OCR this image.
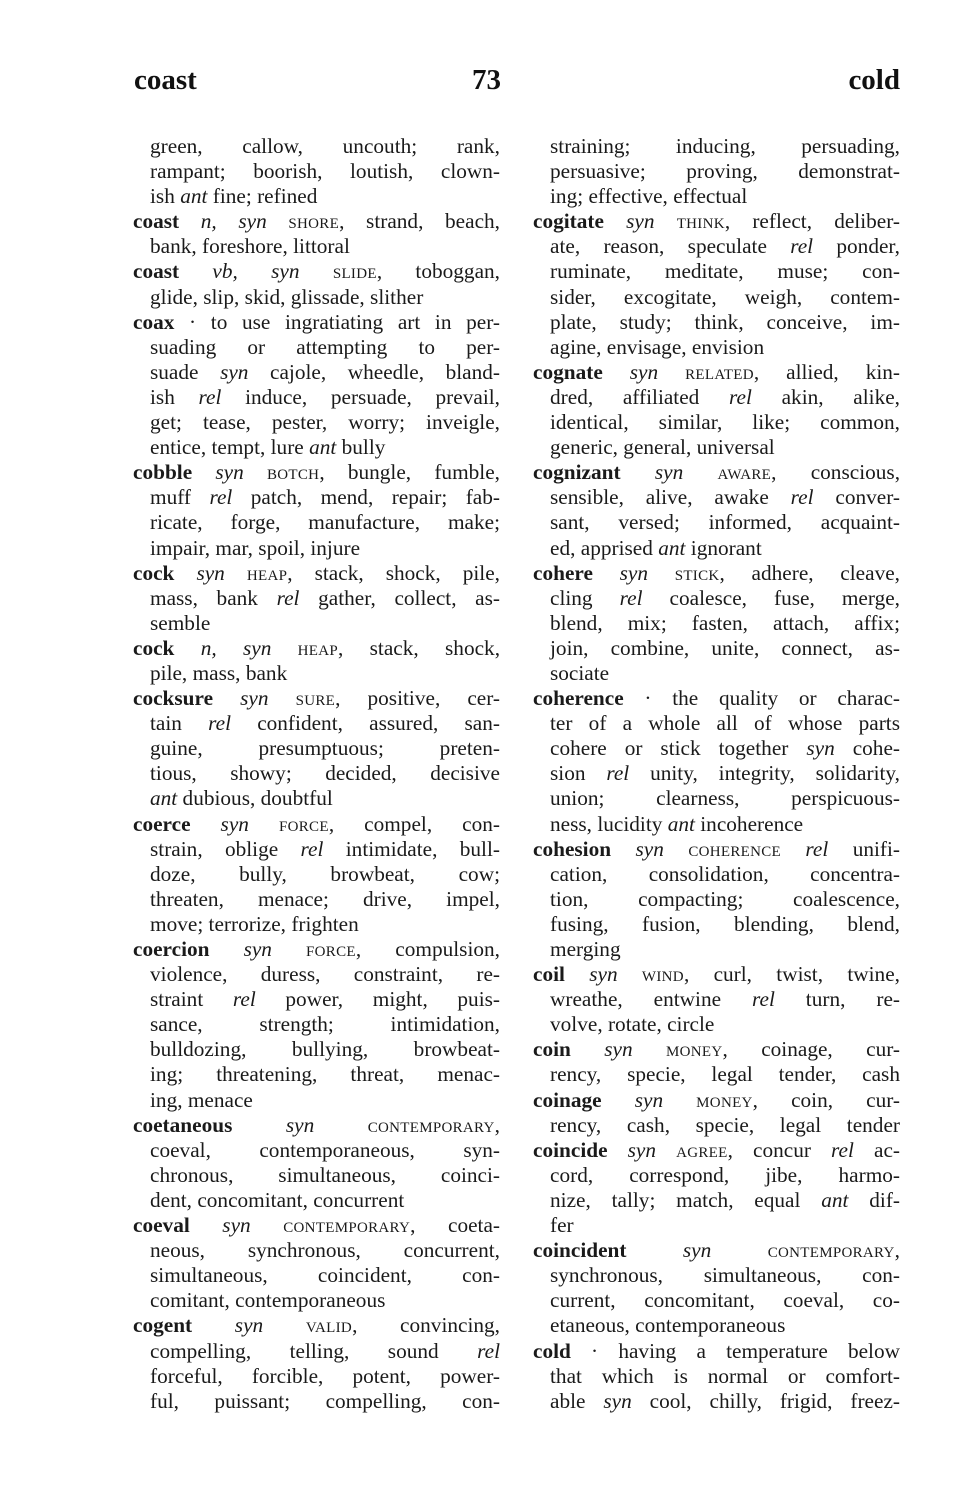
coast	73	cold
green, callow, uncouth; rank,
rampant; boorish, loutish, clown-
ish ant fine; refined
coast n, syn shore, strand, beach,
bank, foreshore, littoral
coast vb, syn slide, toboggan,
glide, slip, skid, glissade, slither
coax · to use ingratiating art in per-
suading or attempting to per-
suade syn cajole, wheedle, bland-
ish rel induce, persuade, prevail,
get; tease, pester, worry; inveigle,
entice, tempt, lure ant bully
cobble syn botch, bungle, fumble,
muff rel patch, mend, repair; fab-
ricate, forge, manufacture, make;
impair, mar, spoil, injure
cock syn heap, stack, shock, pile,
mass, bank rel gather, collect, as-
semble
cock n, syn heap, stack, shock,
pile, mass, bank
cocksure syn sure, positive, cer-
tain rel confident, assured, san-
guine, presumptuous; preten-
tious, showy; decided, decisive
ant dubious, doubtful
coerce syn force, compel, con-
strain, oblige rel intimidate, bull-
doze, bully, browbeat, cow;
threaten, menace; drive, impel,
move; terrorize, frighten
coercion syn force, compulsion,
violence, duress, constraint, re-
straint rel power, might, puis-
sance, strength; intimidation,
bulldozing, bullying, browbeat-
ing; threatening, threat, menac-
ing, menace
coetaneous	syn	contemporary,
coeval, contemporaneous, syn-
chronous, simultaneous, coinci-
dent, concomitant, concurrent
coeval syn contemporary, coeta-
neous, synchronous, concurrent,
simultaneous, coincident, con-
comitant, contemporaneous
cogent syn valid, convincing,
compelling, telling, sound rel
forceful, forcible, potent, power-
ful, puissant; compelling, con-
straining; inducing, persuading,
persuasive; proving, demonstrat-
ing; effective, effectual
cogitate syn think, reflect, deliber-
ate, reason, speculate rel ponder,
ruminate, meditate, muse; con-
sider, excogitate, weigh, contem-
plate, study; think, conceive, im-
agine, envisage, envision
cognate syn related, allied, kin-
dred, affiliated rel akin, alike,
identical, similar, like; common,
generic, general, universal
cognizant syn aware, conscious,
sensible, alive, awake rel conver-
sant, versed; informed, acquaint-
ed, apprised ant ignorant
cohere syn stick, adhere, cleave,
cling rel coalesce, fuse, merge,
blend, mix; fasten, attach, affix;
join, combine, unite, connect, as-
sociate
coherence · the quality or charac-
ter of a whole all of whose parts
cohere or stick together syn cohe-
sion rel unity, integrity, solidarity,
union; clearness, perspicuous-
ness, lucidity ant incoherence
cohesion syn coherence rel unifi-
cation, consolidation, concentra-
tion, compacting; coalescence,
fusing, fusion, blending, blend,
merging
coil syn wind, curl, twist, twine,
wreathe, entwine rel turn, re-
volve, rotate, circle
coin syn money, coinage, cur-
rency, specie, legal tender, cash
coinage syn money, coin, cur-
rency, cash, specie, legal tender
coincide syn agree, concur rel ac-
cord, correspond, jibe, harmo-
nize, tally; match, equal ant dif-
fer
coincident	syn	contemporary,
synchronous, simultaneous, con-
current, concomitant, coeval, co-
etaneous, contemporaneous
cold · having a temperature below
that which is normal or comfort-
able syn cool, chilly, frigid, freez-
